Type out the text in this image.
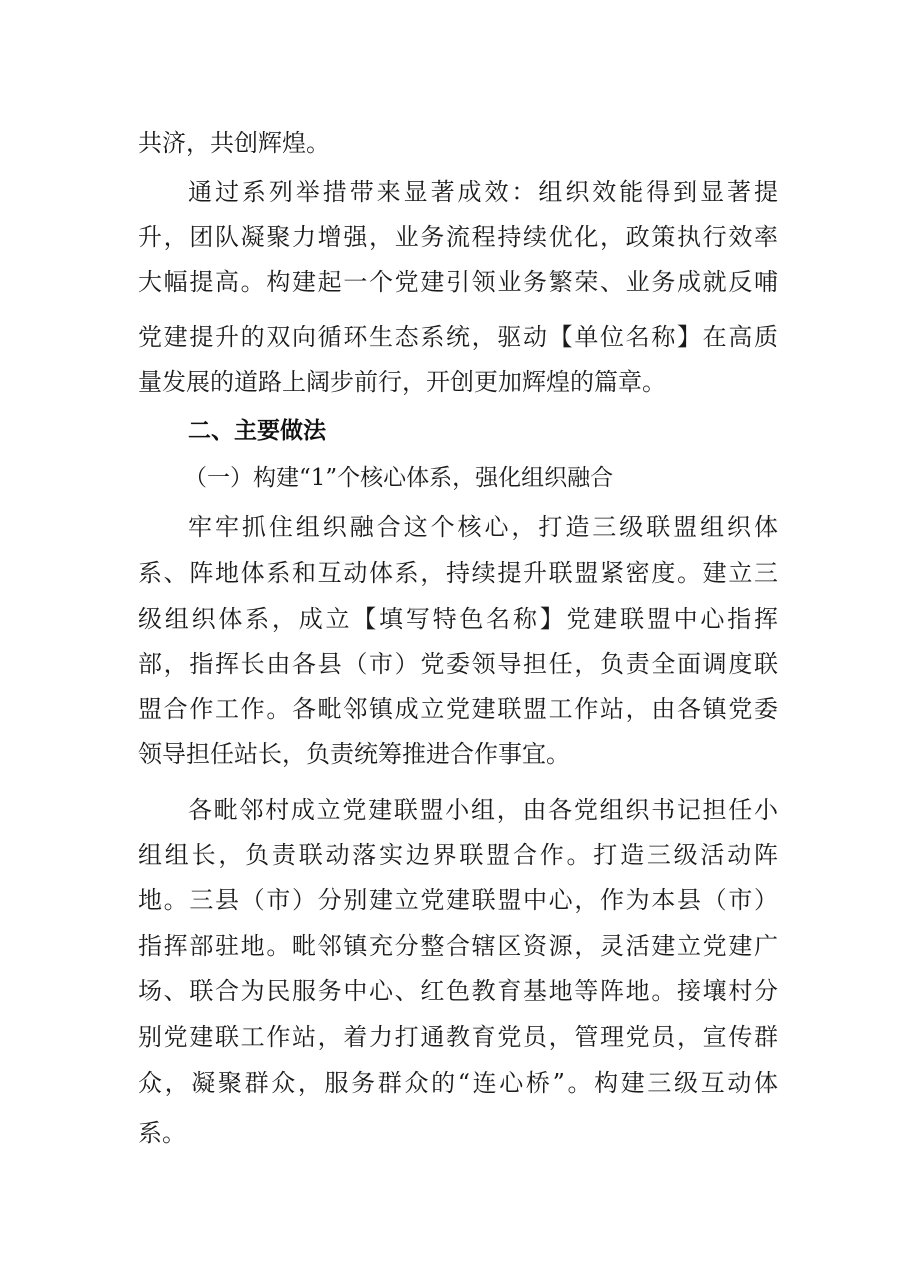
共济，共创辉煌。

通过系列举措带来显著成效：组织效能得到显著提

升，团队凝聚力增强，业务流程持续优化，政策执行效率

大幅提高。构建起一个党建引领业务繁荣、业务成就反哺

党建提升的双向循环生态系统，驱动【单位名称】在高质

量发展的道路上阔步前行，开创更加辉煌的篇章。

二、主要做法

（一）构建“1”个核心体系，强化组织融合

牢牢抓住组织融合这个核心，打造三级联盟组织体

系、阵地体系和互动体系，持续提升联盟紧密度。建立三

级组织体系，成立【填写特色名称】党建联盟中心指挥

部，指挥长由各县（市）党委领导担任，负责全面调度联

盟合作工作。各毗邻镇成立党建联盟工作站，由各镇党委

领导担任站长，负责统筹推进合作事宜。

各毗邻村成立党建联盟小组，由各党组织书记担任小

组组长，负责联动落实边界联盟合作。打造三级活动阵

地。三县（市）分别建立党建联盟中心，作为本县（市）

指挥部驻地。毗邻镇充分整合辖区资源，灵活建立党建广

场、联合为民服务中心、红色教育基地等阵地。接壤村分

别党建联工作站，着力打通教育党员，管理党员，宣传群

众，凝聚群众，服务群众的“连心桥”。构建三级互动体

系。
